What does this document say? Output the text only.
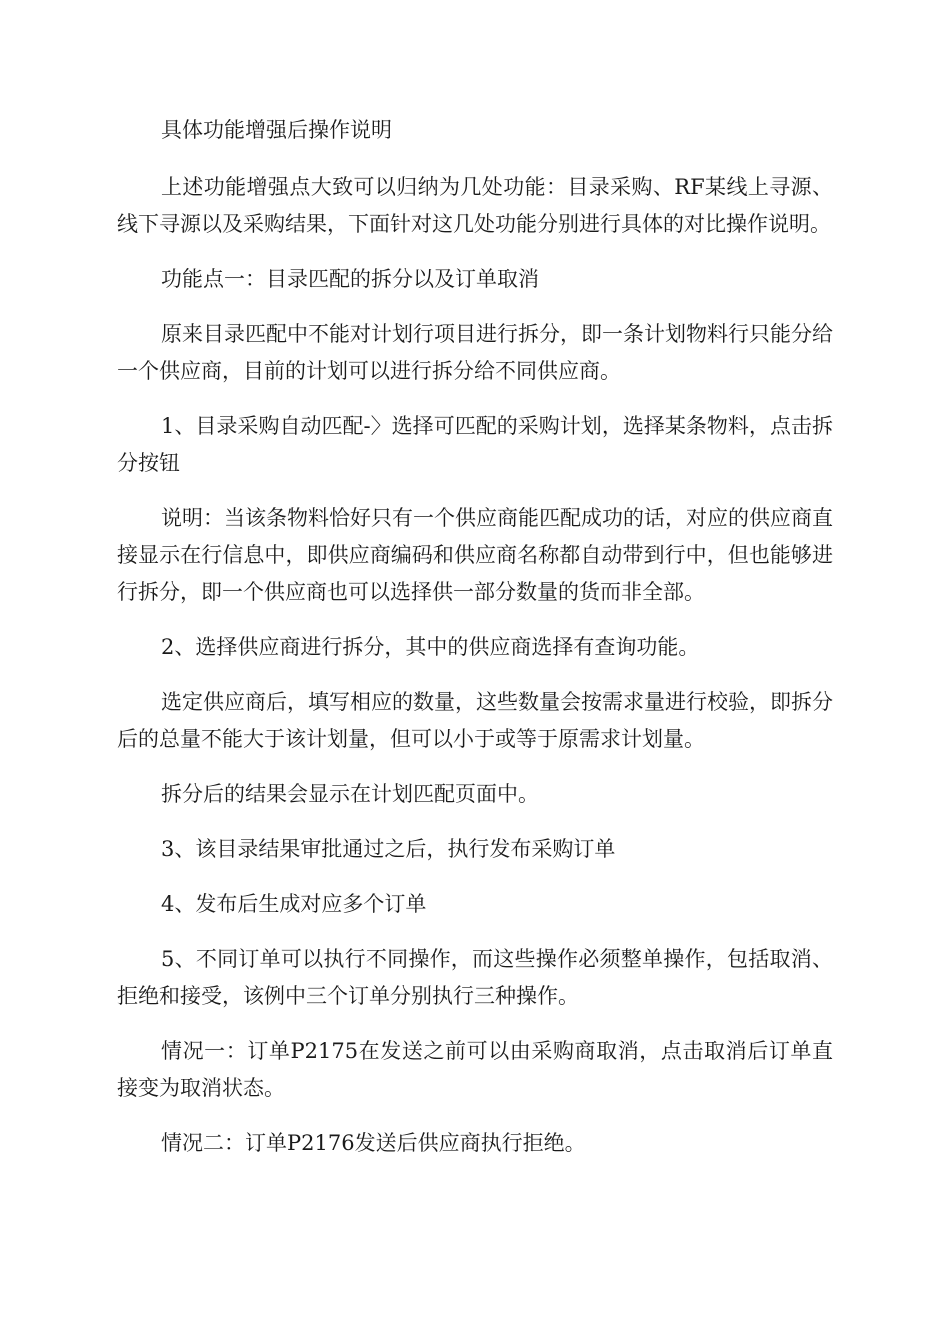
具体功能增强后操作说明

上述功能增强点大致可以归纳为几处功能：目录采购、RF某线上寻源、线下寻源以及采购结果，下面针对这几处功能分别进行具体的对比操作说明。

功能点一：目录匹配的拆分以及订单取消

原来目录匹配中不能对计划行项目进行拆分，即一条计划物料行只能分给一个供应商，目前的计划可以进行拆分给不同供应商。

1、目录采购自动匹配-〉选择可匹配的采购计划，选择某条物料，点击拆分按钮

说明：当该条物料恰好只有一个供应商能匹配成功的话，对应的供应商直接显示在行信息中，即供应商编码和供应商名称都自动带到行中，但也能够进行拆分，即一个供应商也可以选择供一部分数量的货而非全部。

2、选择供应商进行拆分，其中的供应商选择有查询功能。

选定供应商后，填写相应的数量，这些数量会按需求量进行校验，即拆分后的总量不能大于该计划量，但可以小于或等于原需求计划量。

拆分后的结果会显示在计划匹配页面中。

3、该目录结果审批通过之后，执行发布采购订单

4、发布后生成对应多个订单

5、不同订单可以执行不同操作，而这些操作必须整单操作，包括取消、拒绝和接受，该例中三个订单分别执行三种操作。

情况一：订单P2175在发送之前可以由采购商取消，点击取消后订单直接变为取消状态。

情况二：订单P2176发送后供应商执行拒绝。
